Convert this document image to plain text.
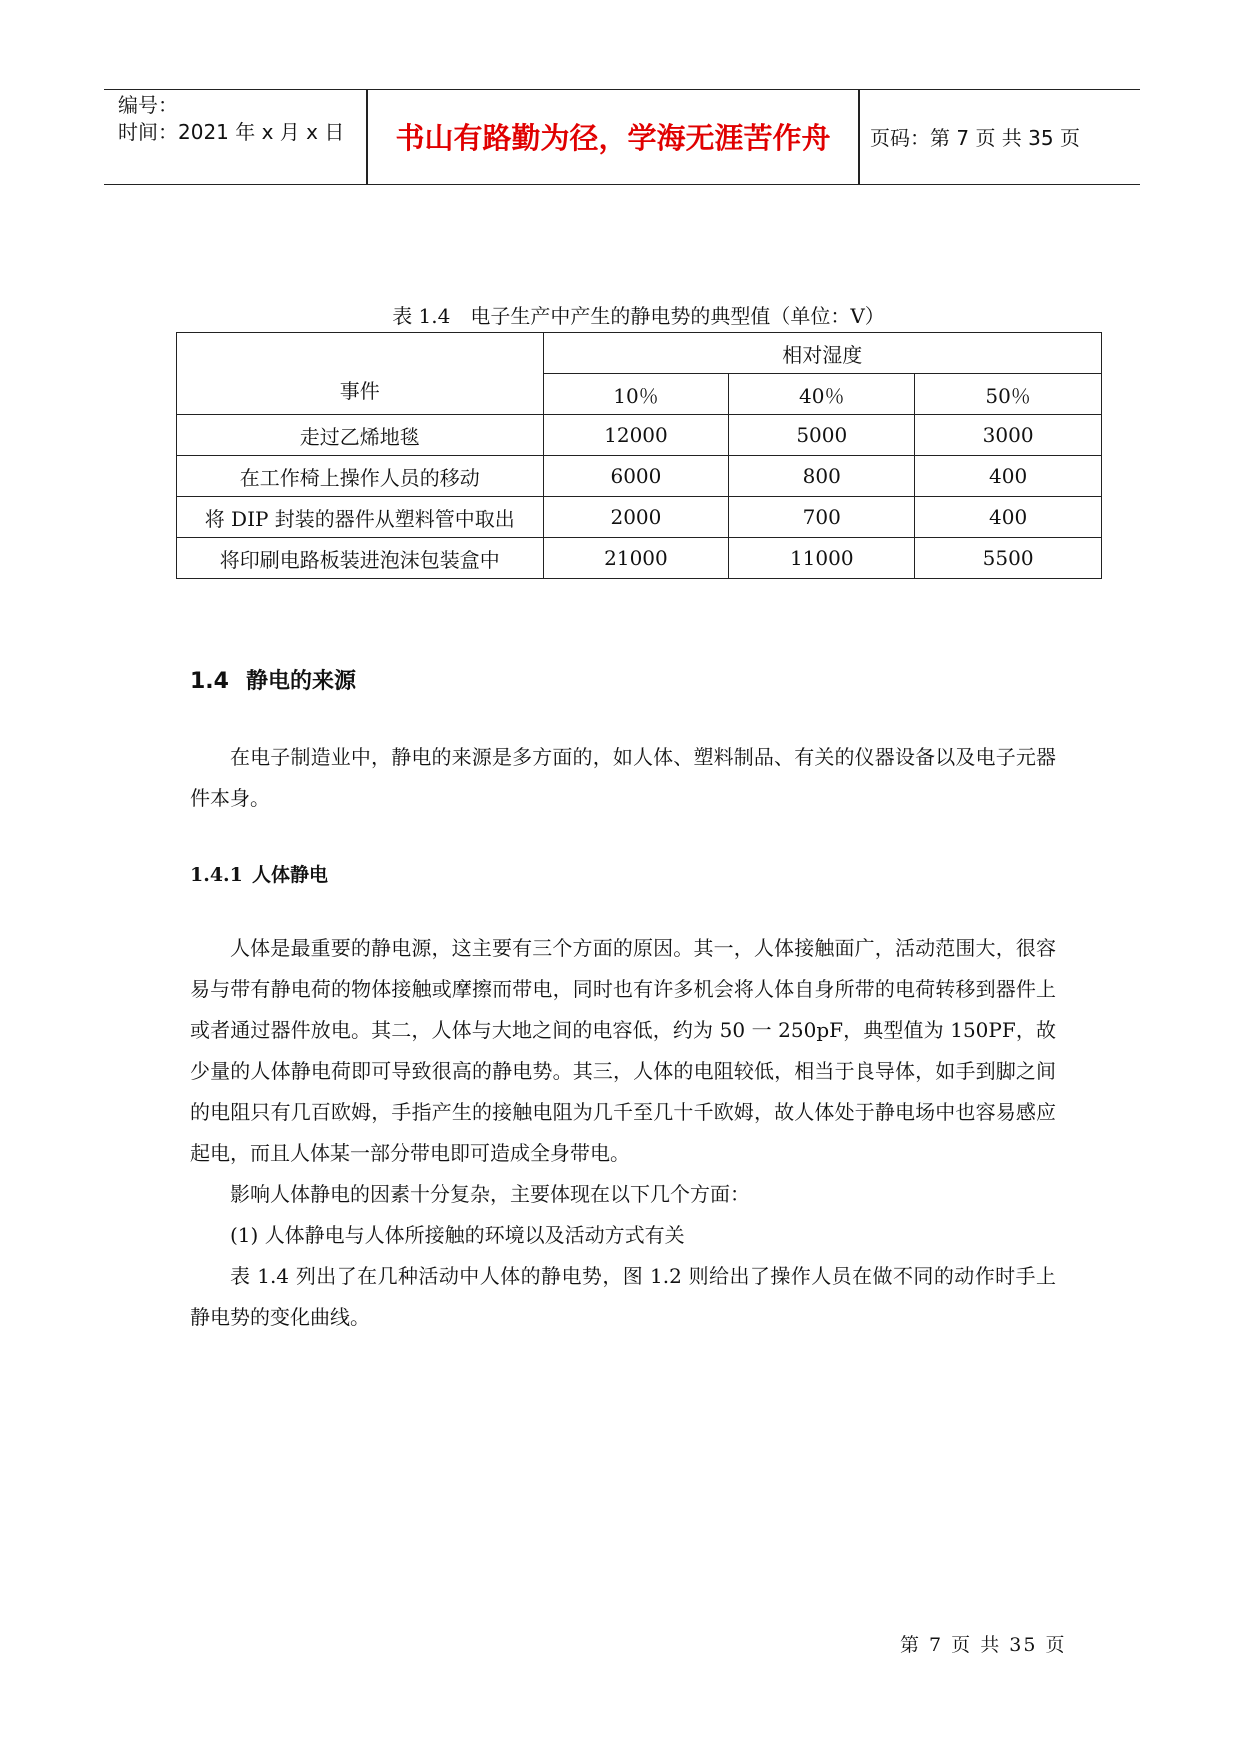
编号：
时间：2021 年 x 月 x 日	书山有路勤为径，学海无涯苦作舟	页码：第 7 页 共 35 页
表 1.4　电子生产中产生的静电势的典型值（单位：V）
事件	相对湿度		
	10％	40％	50％
走过乙烯地毯	12000	5000	3000
在工作椅上操作人员的移动	6000	800	400
将 DIP 封装的器件从塑料管中取出	2000	700	400
将印刷电路板装进泡沫包装盒中	21000	11000	5500
1.4 静电的来源

在电子制造业中，静电的来源是多方面的，如人体、塑料制品、有关的仪器设备以及电子元器件本身。

1.4.1 人体静电

人体是最重要的静电源，这主要有三个方面的原因。其一，人体接触面广，活动范围大，很容易与带有静电荷的物体接触或摩擦而带电，同时也有许多机会将人体自身所带的电荷转移到器件上或者通过器件放电。其二，人体与大地之间的电容低，约为 50 一 250pF，典型值为 150PF，故少量的人体静电荷即可导致很高的静电势。其三，人体的电阻较低，相当于良导体，如手到脚之间的电阻只有几百欧姆，手指产生的接触电阻为几千至几十千欧姆，故人体处于静电场中也容易感应起电，而且人体某一部分带电即可造成全身带电。

影响人体静电的因素十分复杂，主要体现在以下几个方面：

(1) 人体静电与人体所接触的环境以及活动方式有关

表 1.4 列出了在几种活动中人体的静电势，图 1.2 则给出了操作人员在做不同的动作时手上静电势的变化曲线。

第 7 页 共 35 页
